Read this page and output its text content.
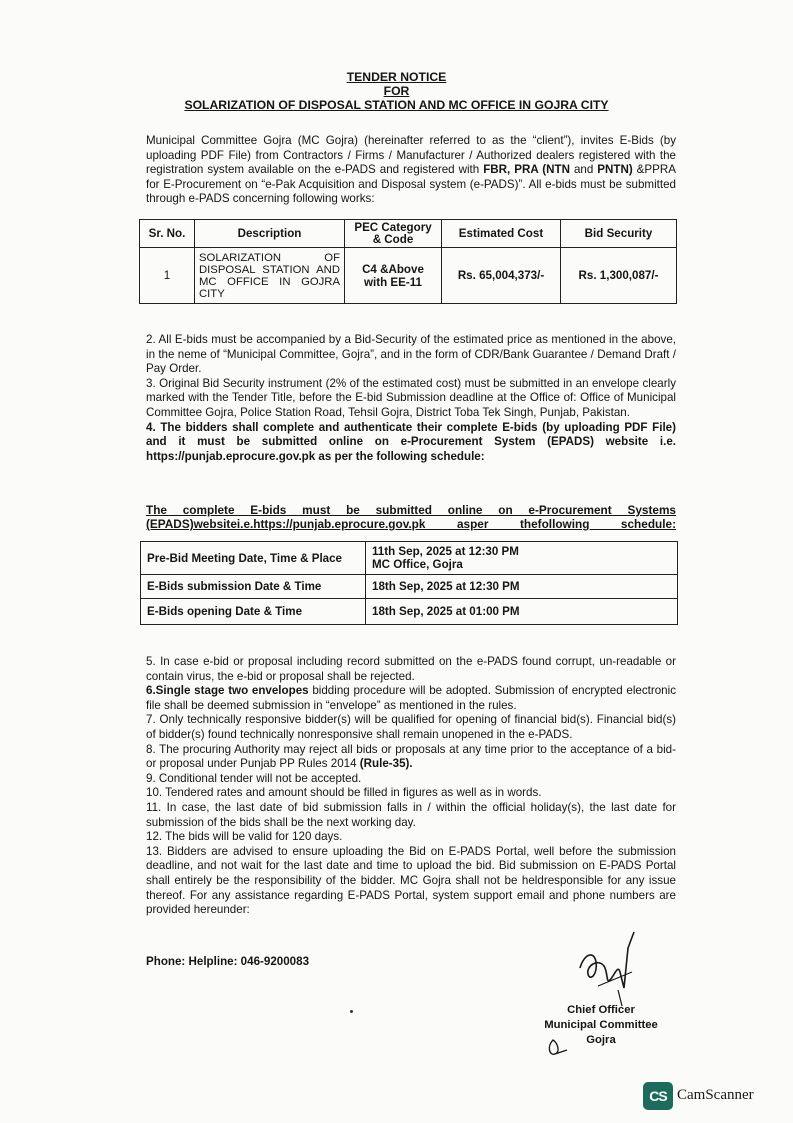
TENDER NOTICE
FOR
SOLARIZATION OF DISPOSAL STATION AND MC OFFICE IN GOJRA CITY

Municipal Committee Gojra (MC Gojra) (hereinafter referred to as the “client”), invites E-Bids (by uploading PDF File) from Contractors / Firms / Manufacturer / Authorized dealers registered with the registration system available on the e-PADS and registered with FBR, PRA (NTN and PNTN) &PPRA for E-Procurement on “e-Pak Acquisition and Disposal system (e-PADS)”. All e-bids must be submitted through e-PADS concerning following works:

Sr. No.	Description	PEC Category & Code	Estimated Cost	Bid Security
1	SOLARIZATION OF DISPOSAL STATION AND MC OFFICE IN GOJRA CITY	C4 &Above with EE-11	Rs. 65,004,373/-	Rs. 1,300,087/-

2. All E-bids must be accompanied by a Bid-Security of the estimated price as mentioned in the above, in the neme of “Municipal Committee, Gojra”, and in the form of CDR/Bank Guarantee / Demand Draft / Pay Order.

3. Original Bid Security instrument (2% of the estimated cost) must be submitted in an envelope clearly marked with the Tender Title, before the E-bid Submission deadline at the Office of: Office of Municipal Committee Gojra, Police Station Road, Tehsil Gojra, District Toba Tek Singh, Punjab, Pakistan.

4. The bidders shall complete and authenticate their complete E-bids (by uploading PDF File) and it must be submitted online on e-Procurement System (EPADS) website i.e. https://punjab.eprocure.gov.pk as per the following schedule:

The complete E-bids must be submitted online on e-Procurement Systems (EPADS)websitei.e.https://punjab.eprocure.gov.pk asper thefollowing schedule:
Pre-Bid Meeting Date, Time & Place	11th Sep, 2025 at 12:30 PM
MC Office, Gojra

E-Bids submission Date & Time	18th Sep, 2025 at 12:30 PM
E-Bids opening Date & Time	18th Sep, 2025 at 01:00 PM

5. In case e-bid or proposal including record submitted on the e-PADS found corrupt, un-readable or contain virus, the e-bid or proposal shall be rejected.

6.Single stage two envelopes bidding procedure will be adopted. Submission of encrypted electronic file shall be deemed submission in “envelope” as mentioned in the rules.

7. Only technically responsive bidder(s) will be qualified for opening of financial bid(s). Financial bid(s) of bidder(s) found technically nonresponsive shall remain unopened in the e-PADS.

8. The procuring Authority may reject all bids or proposals at any time prior to the acceptance of a bid- or proposal under Punjab PP Rules 2014 (Rule-35).

9. Conditional tender will not be accepted.

10. Tendered rates and amount should be filled in figures as well as in words.

11. In case, the last date of bid submission falls in / within the official holiday(s), the last date for submission of the bids shall be the next working day.

12. The bids will be valid for 120 days.

13. Bidders are advised to ensure uploading the Bid on E-PADS Portal, well before the submission deadline, and not wait for the last date and time to upload the bid. Bid submission on E-PADS Portal shall entirely be the responsibility of the bidder. MC Gojra shall not be heldresponsible for any issue thereof. For any assistance regarding E-PADS Portal, system support email and phone numbers are provided hereunder:

Phone: Helpline: 046-9200083
Chief Officer
Municipal Committee
Gojra
CS CamScanner
